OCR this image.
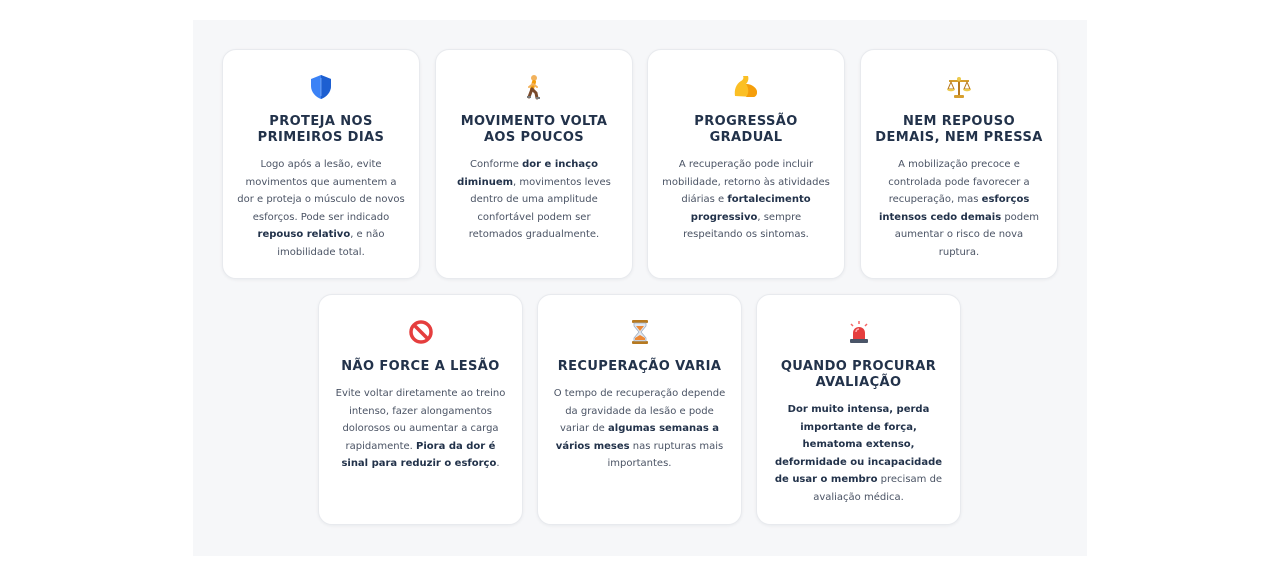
PROTEJA NOS PRIMEIROS DIAS

Logo após a lesão, evite movimentos que aumentem a dor e proteja o músculo de novos esforços. Pode ser indicado repouso relativo, e não imobilidade total.

MOVIMENTO VOLTA AOS POUCOS

Conforme dor e inchaço diminuem, movimentos leves dentro de uma amplitude confortável podem ser retomados gradualmente.

PROGRESSÃO GRADUAL

A recuperação pode incluir mobilidade, retorno às atividades diárias e fortalecimento progressivo, sempre respeitando os sintomas.

NEM REPOUSO DEMAIS, NEM PRESSA

A mobilização precoce e controlada pode favorecer a recuperação, mas esforços intensos cedo demais podem aumentar o risco de nova ruptura.

NÃO FORCE A LESÃO

Evite voltar diretamente ao treino intenso, fazer alongamentos dolorosos ou aumentar a carga rapidamente. Piora da dor é sinal para reduzir o esforço.

RECUPERAÇÃO VARIA

O tempo de recuperação depende da gravidade da lesão e pode variar de algumas semanas a vários meses nas rupturas mais importantes.

QUANDO PROCURAR AVALIAÇÃO

Dor muito intensa, perda importante de força, hematoma extenso, deformidade ou incapacidade de usar o membro precisam de avaliação médica.
